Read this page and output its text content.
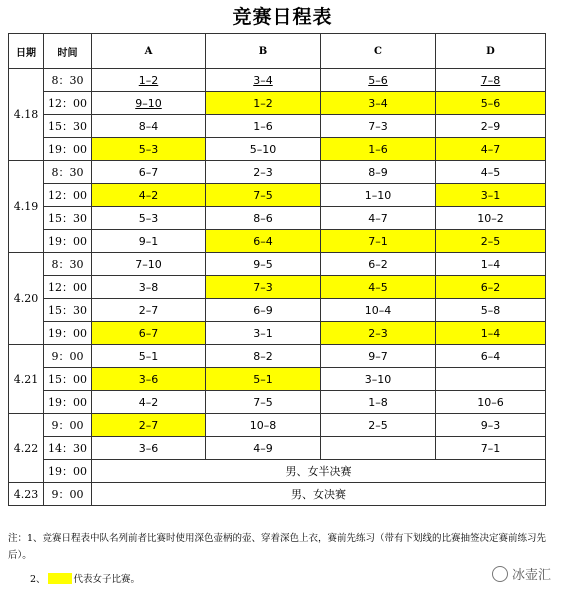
竞赛日程表
日期	时间	A	B	C	D
4.18	8：30	1–2	3–4	5–6	7–8
	12：00	9–10	1–2	3–4	5–6
	15：30	8–4	1–6	7–3	2–9
	19：00	5–3	5–10	1–6	4–7
4.19	8：30	6–7	2–3	8–9	4–5
	12：00	4–2	7–5	1–10	3–1
	15：30	5–3	8–6	4–7	10–2
	19：00	9–1	6–4	7–1	2–5
4.20	8：30	7–10	9–5	6–2	1–4
	12：00	3–8	7–3	4–5	6–2
	15：30	2–7	6–9	10–4	5–8
	19：00	6–7	3–1	2–3	1–4
4.21	9：00	5–1	8–2	9–7	6–4
	15：00	3–6	5–1	3–10	
	19：00	4–2	7–5	1–8	10–6
4.22	9：00	2–7	10–8	2–5	9–3
	14：30	3–6	4–9		7–1
	19：00	男、女半决赛			
4.23	9：00	男、女决赛			
注：1、竞赛日程表中队名列前者比赛时使用深色壶柄的壶、穿着深色上衣，赛前先练习（带有下划线的比赛抽签决定赛前练习先后）。
2、	代表女子比赛。	冰壶汇
